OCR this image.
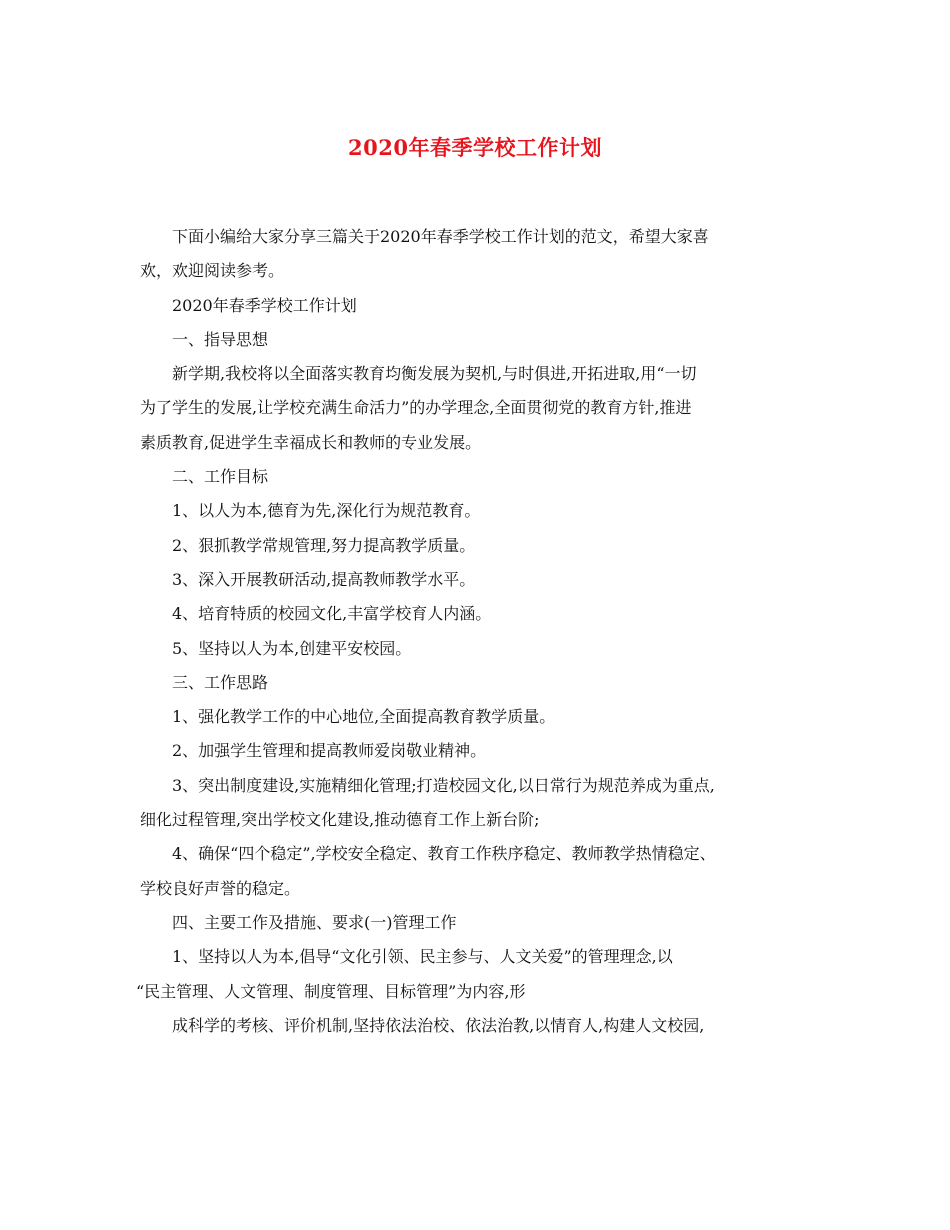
2020年春季学校工作计划

下面小编给大家分享三篇关于2020年春季学校工作计划的范文，希望大家喜

欢，欢迎阅读参考。

2020年春季学校工作计划

一、指导思想

新学期,我校将以全面落实教育均衡发展为契机,与时俱进,开拓进取,用“一切

为了学生的发展,让学校充满生命活力”的办学理念,全面贯彻党的教育方针,推进

素质教育,促进学生幸福成长和教师的专业发展。

二、工作目标

1、以人为本,德育为先,深化行为规范教育。

2、狠抓教学常规管理,努力提高教学质量。

3、深入开展教研活动,提高教师教学水平。

4、培育特质的校园文化,丰富学校育人内涵。

5、坚持以人为本,创建平安校园。

三、工作思路

1、强化教学工作的中心地位,全面提高教育教学质量。

2、加强学生管理和提高教师爱岗敬业精神。

3、突出制度建设,实施精细化管理;打造校园文化,以日常行为规范养成为重点,

细化过程管理,突出学校文化建设,推动德育工作上新台阶;

4、确保“四个稳定”,学校安全稳定、教育工作秩序稳定、教师教学热情稳定、

学校良好声誉的稳定。

四、主要工作及措施、要求(一)管理工作

1、坚持以人为本,倡导“文化引领、民主参与、人文关爱”的管理理念,以

“民主管理、人文管理、制度管理、目标管理”为内容,形

成科学的考核、评价机制,坚持依法治校、依法治教,以情育人,构建人文校园,
